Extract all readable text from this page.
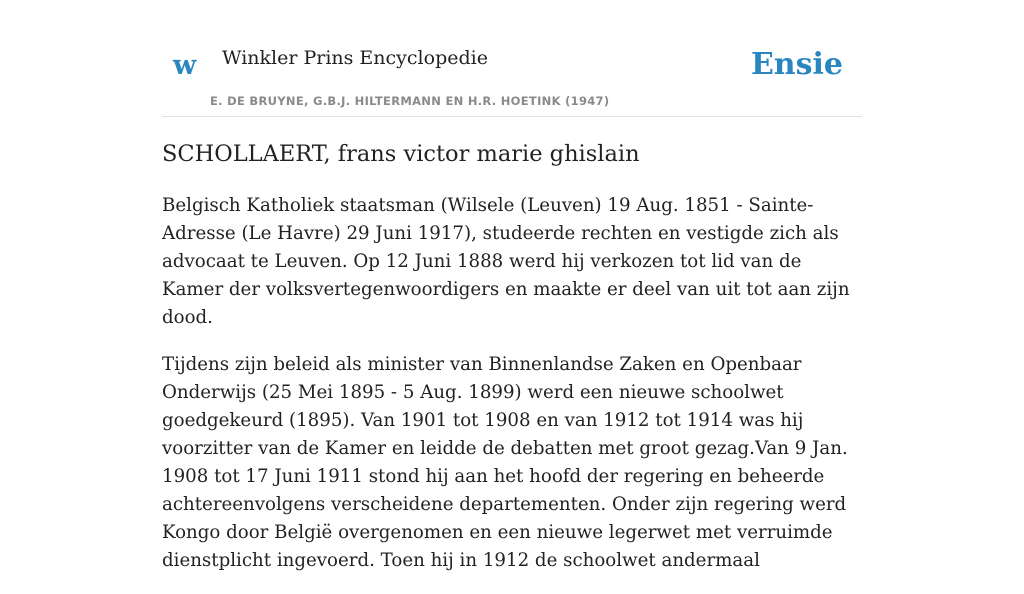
w Winkler Prins Encyclopedie
E. DE BRUYNE, G.B.J. HILTERMANN EN H.R. HOETINK (1947)
Ensie
SCHOLLAERT, frans victor marie ghislain

Belgisch Katholiek staatsman (Wilsele (Leuven) 19 Aug. 1851 - Sainte-Adresse (Le Havre) 29 Juni 1917), studeerde rechten en vestigde zich als advocaat te Leuven. Op 12 Juni 1888 werd hij verkozen tot lid van de Kamer der volksvertegenwoordigers en maakte er deel van uit tot aan zijn dood.

Tijdens zijn beleid als minister van Binnenlandse Zaken en Openbaar Onderwijs (25 Mei 1895 - 5 Aug. 1899) werd een nieuwe schoolwet goedgekeurd (1895). Van 1901 tot 1908 en van 1912 tot 1914 was hij voorzitter van de Kamer en leidde de debatten met groot gezag.Van 9 Jan. 1908 tot 17 Juni 1911 stond hij aan het hoofd der regering en beheerde achtereenvolgens verscheidene departementen. Onder zijn regering werd Kongo door België overgenomen en een nieuwe legerwet met verruimde dienstplicht ingevoerd. Toen hij in 1912 de schoolwet andermaal
